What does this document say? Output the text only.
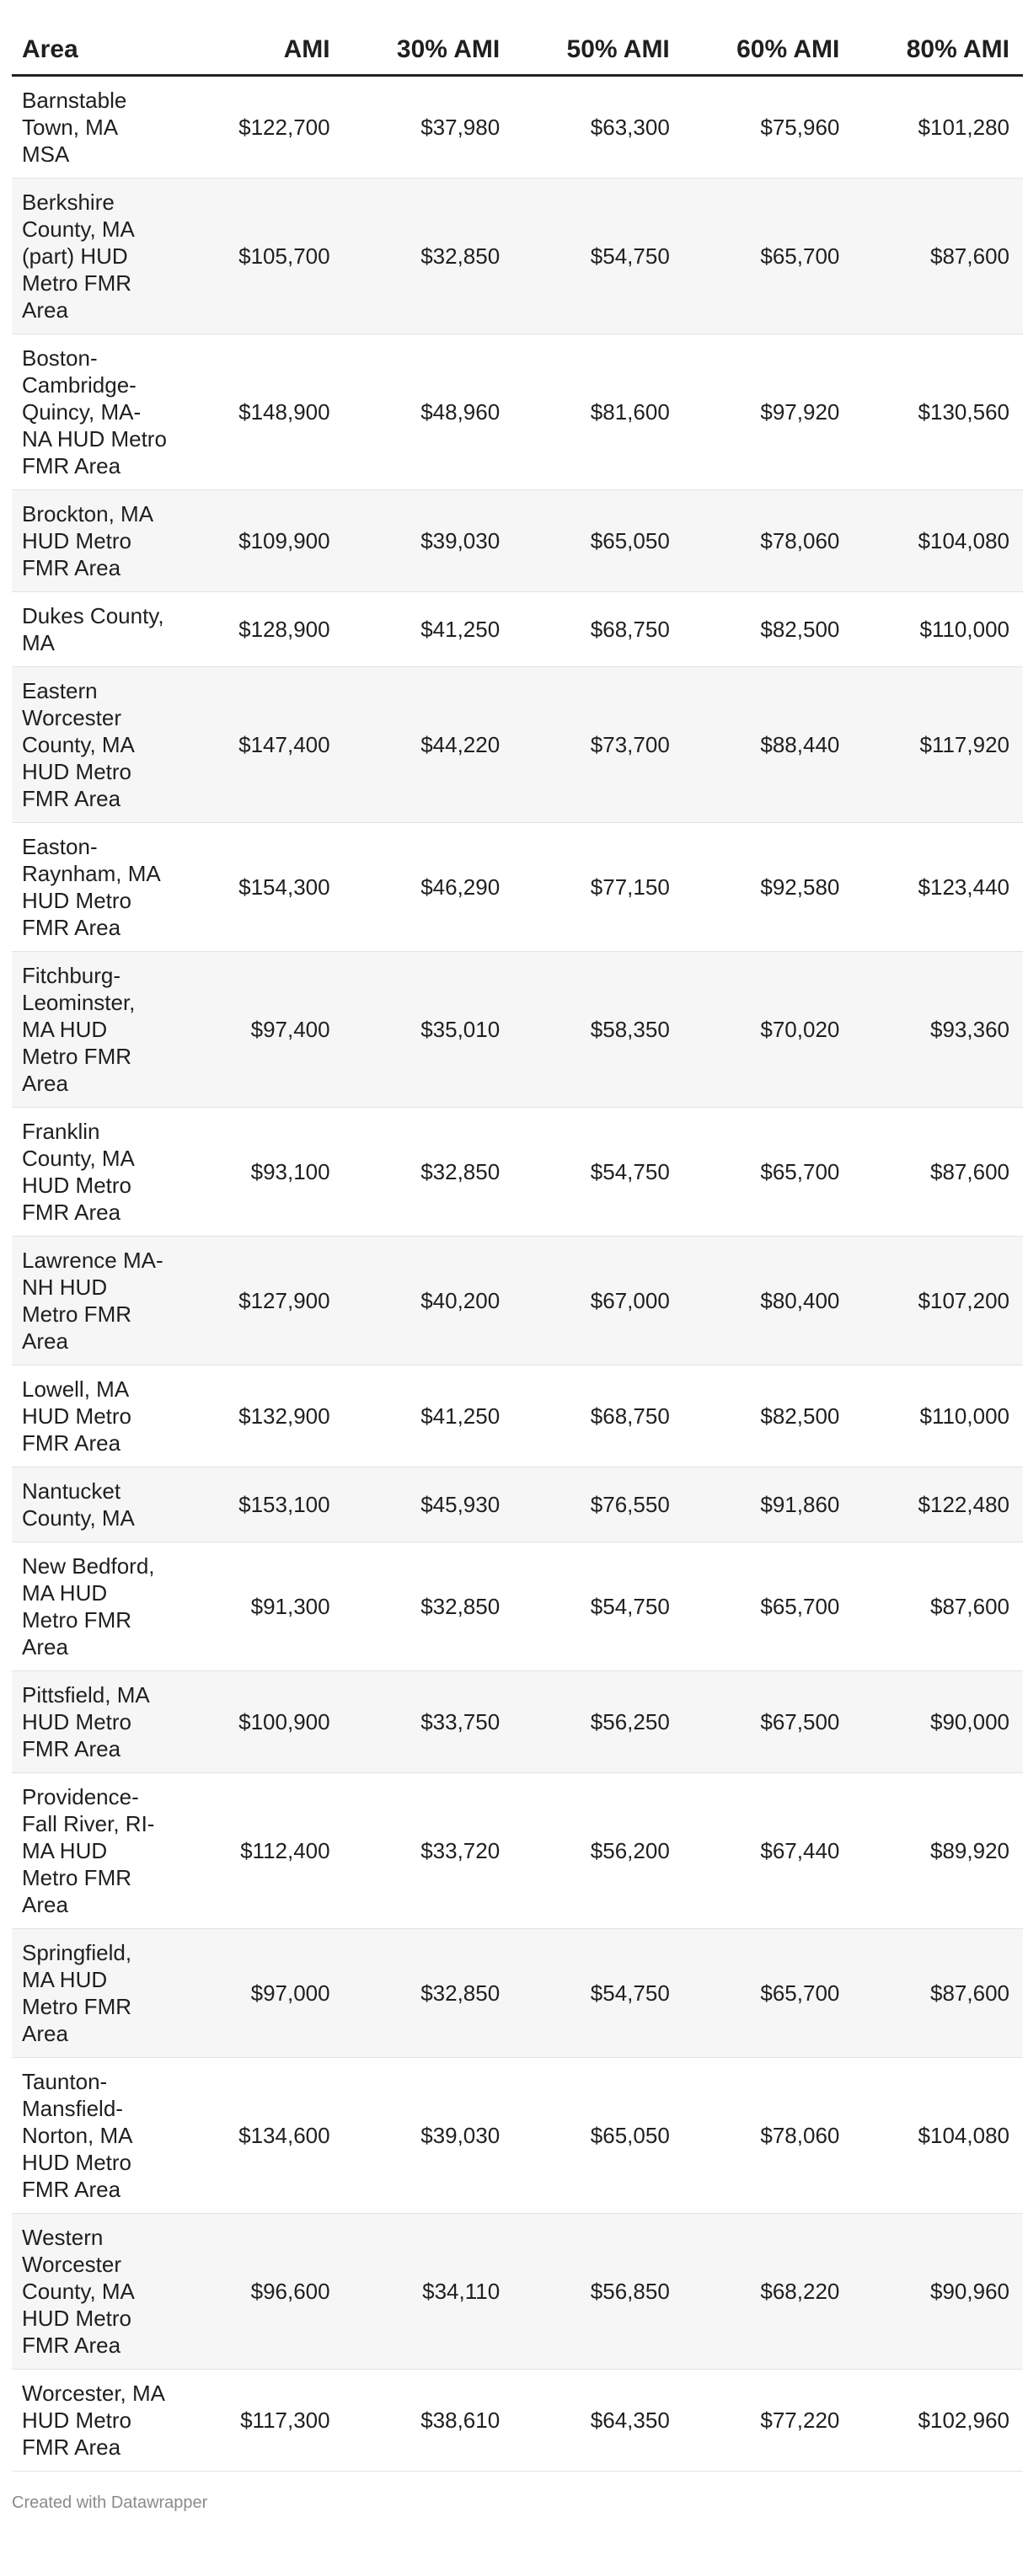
Area	AMI	30% AMI	50% AMI	60% AMI	80% AMI
Barnstable Town, MA MSA	$122,700	$37,980	$63,300	$75,960	$101,280
Berkshire County, MA (part) HUD Metro FMR Area	$105,700	$32,850	$54,750	$65,700	$87,600
Boston-Cambridge-Quincy, MA-NA HUD Metro FMR Area	$148,900	$48,960	$81,600	$97,920	$130,560
Brockton, MA HUD Metro FMR Area	$109,900	$39,030	$65,050	$78,060	$104,080
Dukes County, MA	$128,900	$41,250	$68,750	$82,500	$110,000
Eastern Worcester County, MA HUD Metro FMR Area	$147,400	$44,220	$73,700	$88,440	$117,920
Easton-Raynham, MA HUD Metro FMR Area	$154,300	$46,290	$77,150	$92,580	$123,440
Fitchburg-Leominster, MA HUD Metro FMR Area	$97,400	$35,010	$58,350	$70,020	$93,360
Franklin County, MA HUD Metro FMR Area	$93,100	$32,850	$54,750	$65,700	$87,600
Lawrence MA-NH HUD Metro FMR Area	$127,900	$40,200	$67,000	$80,400	$107,200
Lowell, MA HUD Metro FMR Area	$132,900	$41,250	$68,750	$82,500	$110,000
Nantucket County, MA	$153,100	$45,930	$76,550	$91,860	$122,480
New Bedford, MA HUD Metro FMR Area	$91,300	$32,850	$54,750	$65,700	$87,600
Pittsfield, MA HUD Metro FMR Area	$100,900	$33,750	$56,250	$67,500	$90,000
Providence-Fall River, RI-MA HUD Metro FMR Area	$112,400	$33,720	$56,200	$67,440	$89,920
Springfield, MA HUD Metro FMR Area	$97,000	$32,850	$54,750	$65,700	$87,600
Taunton-Mansfield-Norton, MA HUD Metro FMR Area	$134,600	$39,030	$65,050	$78,060	$104,080
Western Worcester County, MA HUD Metro FMR Area	$96,600	$34,110	$56,850	$68,220	$90,960
Worcester, MA HUD Metro FMR Area	$117,300	$38,610	$64,350	$77,220	$102,960
Created with Datawrapper
